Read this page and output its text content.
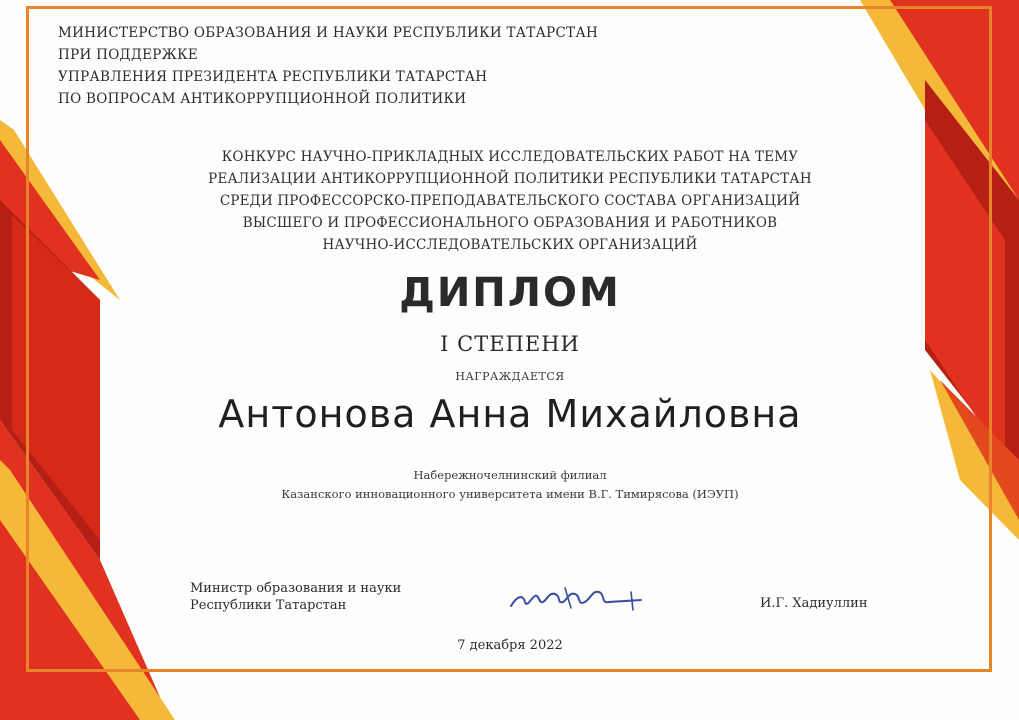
МИНИСТЕРСТВО ОБРАЗОВАНИЯ И НАУКИ РЕСПУБЛИКИ ТАТАРСТАН
ПРИ ПОДДЕРЖКЕ
УПРАВЛЕНИЯ ПРЕЗИДЕНТА РЕСПУБЛИКИ ТАТАРСТАН
ПО ВОПРОСАМ АНТИКОРРУПЦИОННОЙ ПОЛИТИКИ
КОНКУРС НАУЧНО-ПРИКЛАДНЫХ ИССЛЕДОВАТЕЛЬСКИХ РАБОТ НА ТЕМУ
РЕАЛИЗАЦИИ АНТИКОРРУПЦИОННОЙ ПОЛИТИКИ РЕСПУБЛИКИ ТАТАРСТАН
СРЕДИ ПРОФЕССОРСКО-ПРЕПОДАВАТЕЛЬСКОГО СОСТАВА ОРГАНИЗАЦИЙ
ВЫСШЕГО И ПРОФЕССИОНАЛЬНОГО ОБРАЗОВАНИЯ И РАБОТНИКОВ
НАУЧНО-ИССЛЕДОВАТЕЛЬСКИХ ОРГАНИЗАЦИЙ
ДИПЛОМ
I СТЕПЕНИ
НАГРАЖДАЕТСЯ
Антонова Анна Михайловна
Набережночелнинский филиал
Казанского инновационного университета имени В.Г. Тимирясова (ИЭУП)
Министр образования и науки
Республики Татарстан	И.Г. Хадиуллин
7 декабря 2022
